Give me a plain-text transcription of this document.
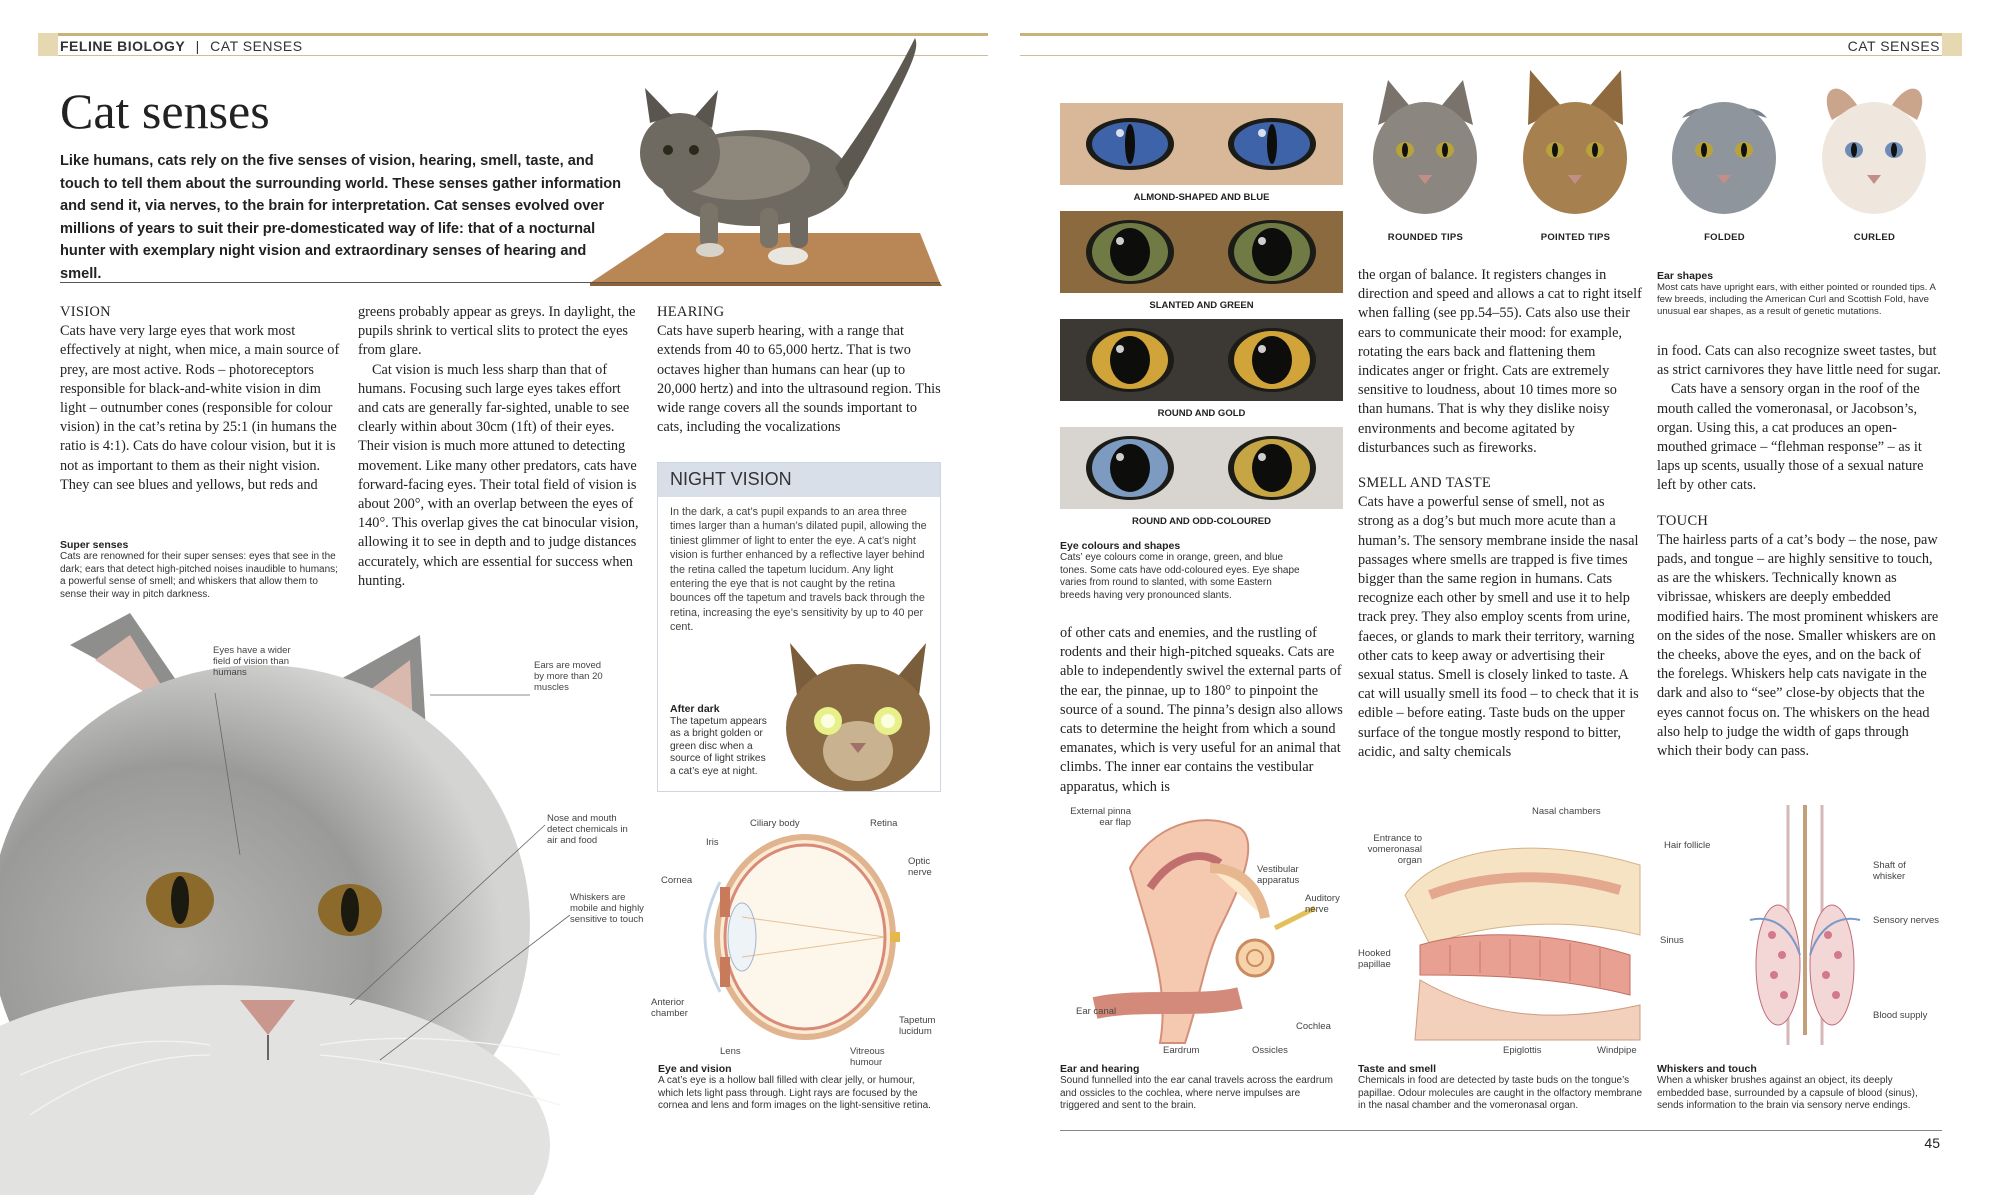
FELINE BIOLOGY | CAT SENSES	CAT SENSES
Cat senses
Like humans, cats rely on the five senses of vision, hearing, smell, taste, and touch to tell them about the surrounding world. These senses gather information and send it, via nerves, to the brain for interpretation. Cat senses evolved over millions of years to suit their pre-domesticated way of life: that of a nocturnal hunter with exemplary night vision and extraordinary senses of hearing and smell.
VISION

Cats have very large eyes that work most effectively at night, when mice, a main source of prey, are most active. Rods – photoreceptors responsible for black-and-white vision in dim light – outnumber cones (responsible for colour vision) in the cat’s retina by 25:1 (in humans the ratio is 4:1). Cats do have colour vision, but it is not as important to them as their night vision. They can see blues and yellows, but reds and

Super senses
Cats are renowned for their super senses: eyes that see in the dark; ears that detect high-pitched noises inaudible to humans; a powerful sense of smell; and whiskers that allow them to sense their way in pitch darkness.

greens probably appear as greys. In daylight, the pupils shrink to vertical slits to protect the eyes from glare.

Cat vision is much less sharp than that of humans. Focusing such large eyes takes effort and cats are generally far-sighted, unable to see clearly within about 30cm (1ft) of their eyes. Their vision is much more attuned to detecting movement. Like many other predators, cats have forward-facing eyes. Their total field of vision is about 200°, with an overlap between the eyes of 140°. This overlap gives the cat binocular vision, allowing it to see in depth and to judge distances accurately, which are essential for success when hunting.

HEARING

Cats have superb hearing, with a range that extends from 40 to 65,000 hertz. That is two octaves higher than humans can hear (up to 20,000 hertz) and into the ultrasound region. This wide range covers all the sounds important to cats, including the vocalizations

NIGHT VISION
In the dark, a cat’s pupil expands to an area three times larger than a human’s dilated pupil, allowing the tiniest glimmer of light to enter the eye. A cat’s night vision is further enhanced by a reflective layer behind the retina called the tapetum lucidum. Any light entering the eye that is not caught by the retina bounces off the tapetum and travels back through the retina, increasing the eye’s sensitivity by up to 40 per cent.
After dark
The tapetum appears as a bright golden or green disc when a source of light strikes a cat’s eye at night.
Eyes have a wider field of vision than humans
Ears are moved by more than 20 muscles
Nose and mouth detect chemicals in air and food
Whiskers are mobile and highly sensitive to touch
Ciliary body	Retina
Iris
Optic nerve
Cornea
Anterior chamber
Tapetum lucidum
Lens	Vitreous humour
Eye and vision
A cat’s eye is a hollow ball filled with clear jelly, or humour, which lets light pass through. Light rays are focused by the cornea and lens and form images on the light-sensitive retina.
ALMOND-SHAPED AND BLUE
SLANTED AND GREEN
ROUND AND GOLD
ROUND AND ODD-COLOURED
Eye colours and shapes
Cats’ eye colours come in orange, green, and blue tones. Some cats have odd-coloured eyes. Eye shape varies from round to slanted, with some Eastern breeds having very pronounced slants.

of other cats and enemies, and the rustling of rodents and their high-pitched squeaks. Cats are able to independently swivel the external parts of the ear, the pinnae, up to 180° to pinpoint the source of a sound. The pinna’s design also allows cats to determine the height from which a sound emanates, which is very useful for an animal that climbs. The inner ear contains the vestibular apparatus, which is

ROUNDED TIPS	POINTED TIPS	FOLDED	CURLED
Ear shapes
Most cats have upright ears, with either pointed or rounded tips. A few breeds, including the American Curl and Scottish Fold, have unusual ear shapes, as a result of genetic mutations.

the organ of balance. It registers changes in direction and speed and allows a cat to right itself when falling (see pp.54–55). Cats also use their ears to communicate their mood: for example, rotating the ears back and flattening them indicates anger or fright. Cats are extremely sensitive to loudness, about 10 times more so than humans. That is why they dislike noisy environments and become agitated by disturbances such as fireworks.

SMELL AND TASTE

Cats have a powerful sense of smell, not as strong as a dog’s but much more acute than a human’s. The sensory membrane inside the nasal passages where smells are trapped is five times bigger than the same region in humans. Cats recognize each other by smell and use it to help track prey. They also employ scents from urine, faeces, or glands to mark their territory, warning other cats to keep away or advertising their sexual status. Smell is closely linked to taste. A cat will usually smell its food – to check that it is edible – before eating. Taste buds on the upper surface of the tongue mostly respond to bitter, acidic, and salty chemicals

in food. Cats can also recognize sweet tastes, but as strict carnivores they have little need for sugar.

Cats have a sensory organ in the roof of the mouth called the vomeronasal, or Jacobson’s, organ. Using this, a cat produces an open-mouthed grimace – “flehman response” – as it laps up scents, usually those of a sexual nature left by other cats.

TOUCH

The hairless parts of a cat’s body – the nose, paw pads, and tongue – are highly sensitive to touch, as are the whiskers. Technically known as vibrissae, whiskers are deeply embedded modified hairs. The most prominent whiskers are on the sides of the nose. Smaller whiskers are on the cheeks, above the eyes, and on the back of the forelegs. Whiskers help cats navigate in the dark and also to “see” close-by objects that the eyes cannot focus on. The whiskers on the head also help to judge the width of gaps through which their body can pass.

External pinna ear flap
Vestibular apparatus
Auditory nerve
Ear canal
Cochlea
Eardrum	Ossicles
Ear and hearing
Sound funnelled into the ear canal travels across the eardrum and ossicles to the cochlea, where nerve impulses are triggered and sent to the brain.
Nasal chambers
Entrance to vomeronasal organ
Hooked papillae
Epiglottis	Windpipe
Taste and smell
Chemicals in food are detected by taste buds on the tongue’s papillae. Odour molecules are caught in the olfactory membrane in the nasal chamber and the vomeronasal organ.
Hair follicle
Shaft of whisker
Sensory nerves
Sinus
Blood supply
Whiskers and touch
When a whisker brushes against an object, its deeply embedded base, surrounded by a capsule of blood (sinus), sends information to the brain via sensory nerve endings.
45
